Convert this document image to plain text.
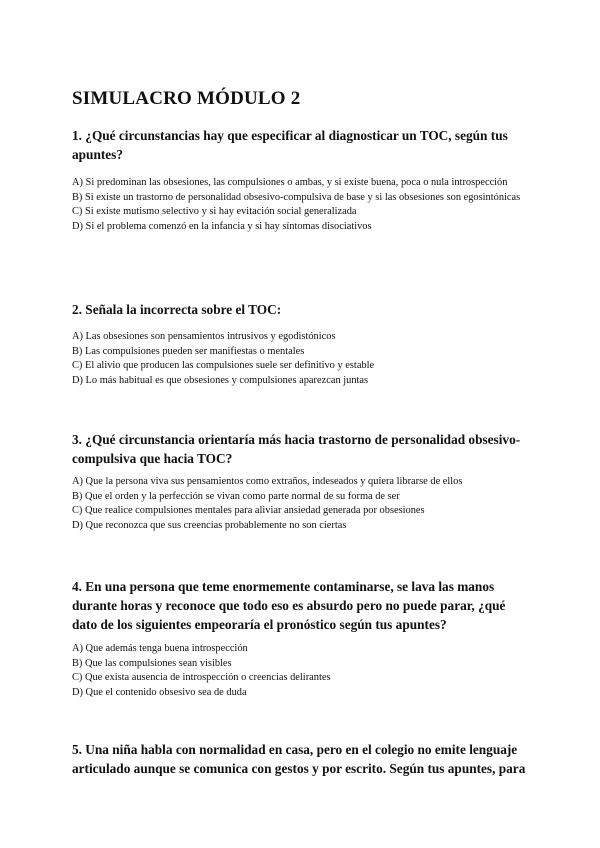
SIMULACRO MÓDULO 2

1. ¿Qué circunstancias hay que especificar al diagnosticar un TOC, según tus apuntes?

A) Si predominan las obsesiones, las compulsiones o ambas, y si existe buena, poca o nula introspección
B) Si existe un trastorno de personalidad obsesivo-compulsiva de base y si las obsesiones son egosintónicas
C) Si existe mutismo selectivo y si hay evitación social generalizada
D) Si el problema comenzó en la infancia y si hay síntomas disociativos

2. Señala la incorrecta sobre el TOC:

A) Las obsesiones son pensamientos intrusivos y egodistónicos
B) Las compulsiones pueden ser manifiestas o mentales
C) El alivio que producen las compulsiones suele ser definitivo y estable
D) Lo más habitual es que obsesiones y compulsiones aparezcan juntas

3. ¿Qué circunstancia orientaría más hacia trastorno de personalidad obsesivo-compulsiva que hacia TOC?

A) Que la persona viva sus pensamientos como extraños, indeseados y quiera librarse de ellos
B) Que el orden y la perfección se vivan como parte normal de su forma de ser
C) Que realice compulsiones mentales para aliviar ansiedad generada por obsesiones
D) Que reconozca que sus creencias probablemente no son ciertas

4. En una persona que teme enormemente contaminarse, se lava las manos durante horas y reconoce que todo eso es absurdo pero no puede parar, ¿qué dato de los siguientes empeoraría el pronóstico según tus apuntes?

A) Que además tenga buena introspección
B) Que las compulsiones sean visibles
C) Que exista ausencia de introspección o creencias delirantes
D) Que el contenido obsesivo sea de duda

5. Una niña habla con normalidad en casa, pero en el colegio no emite lenguaje articulado aunque se comunica con gestos y por escrito. Según tus apuntes, para
